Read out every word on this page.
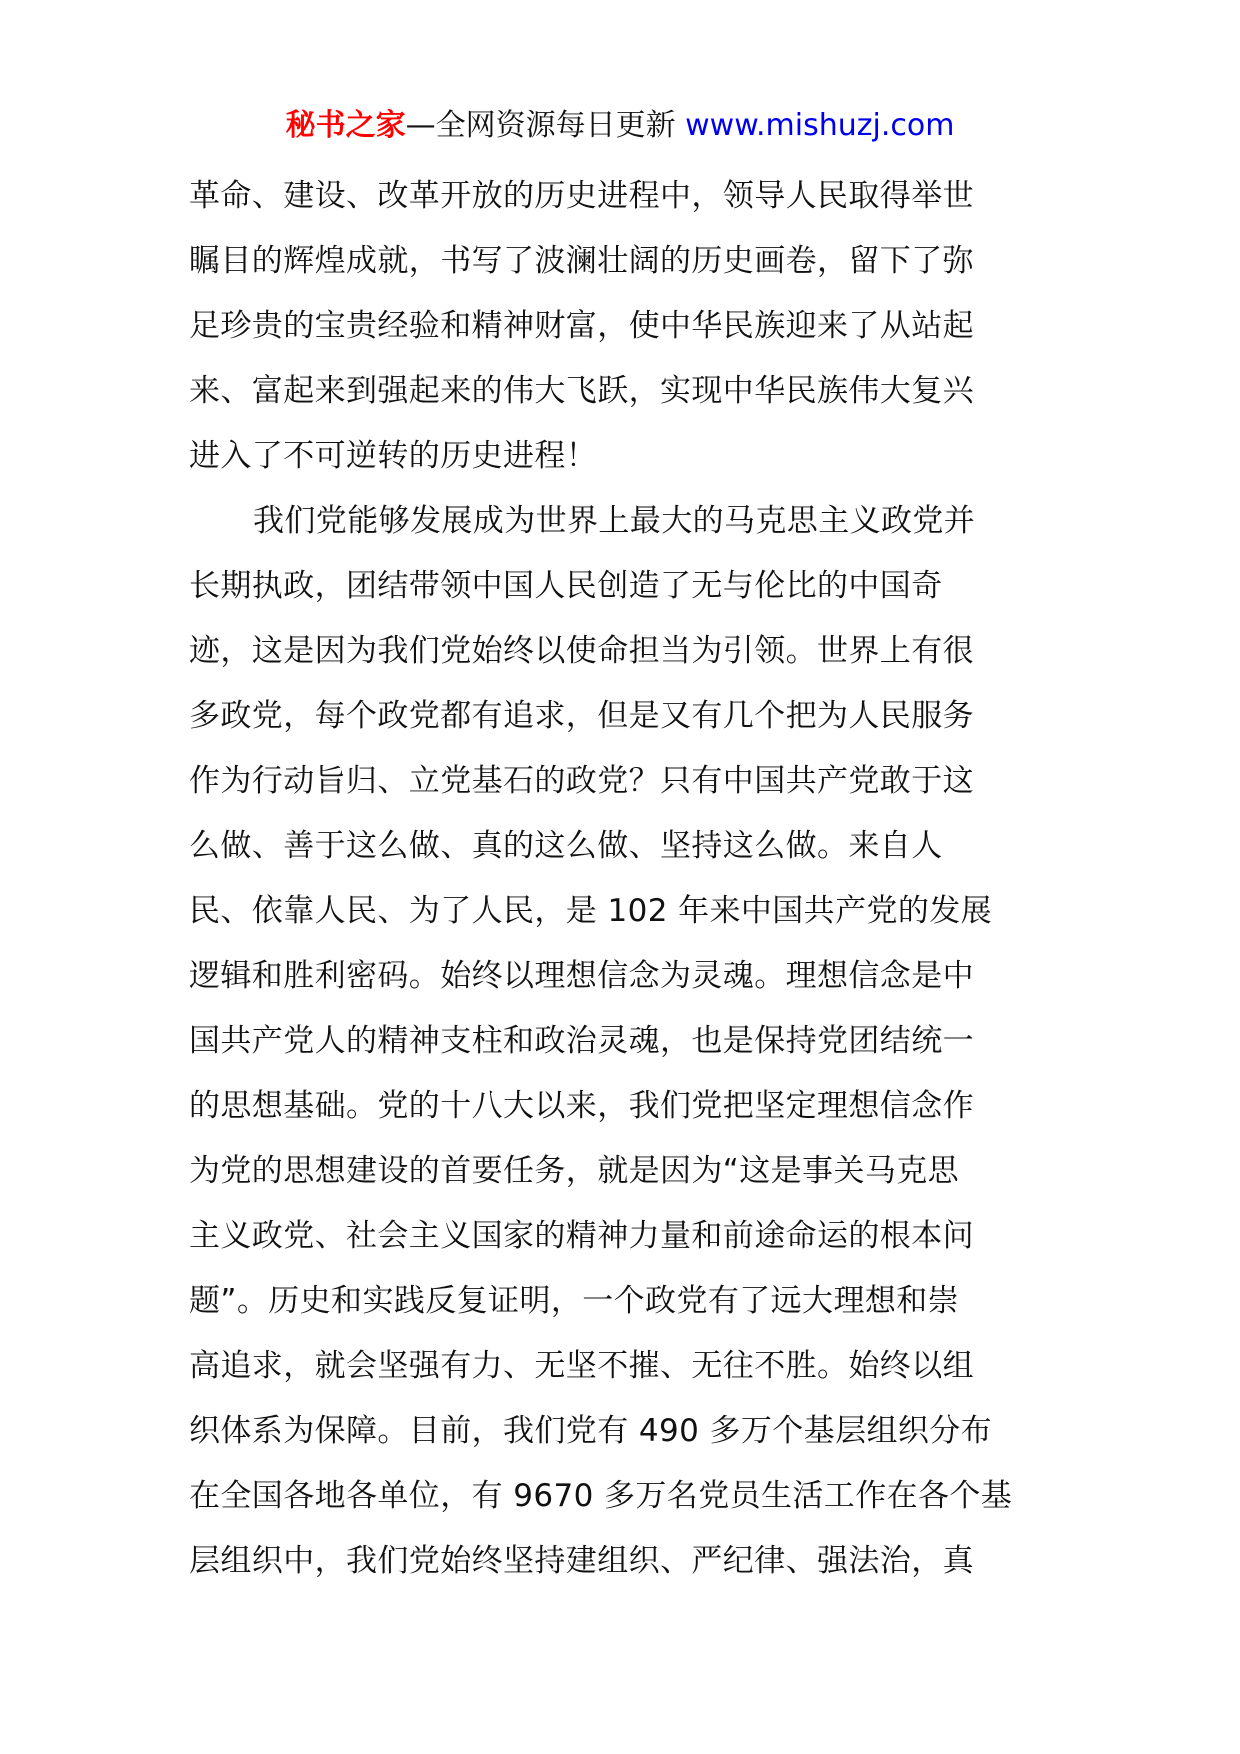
秘书之家—全网资源每日更新 www.mishuzj.com
革命、建设、改革开放的历史进程中，领导人民取得举世
瞩目的辉煌成就，书写了波澜壮阔的历史画卷，留下了弥
足珍贵的宝贵经验和精神财富，使中华民族迎来了从站起
来、富起来到强起来的伟大飞跃，实现中华民族伟大复兴
进入了不可逆转的历史进程！
我们党能够发展成为世界上最大的马克思主义政党并
长期执政，团结带领中国人民创造了无与伦比的中国奇
迹，这是因为我们党始终以使命担当为引领。世界上有很
多政党，每个政党都有追求，但是又有几个把为人民服务
作为行动旨归、立党基石的政党？只有中国共产党敢于这
么做、善于这么做、真的这么做、坚持这么做。来自人
民、依靠人民、为了人民，是 102 年来中国共产党的发展
逻辑和胜利密码。始终以理想信念为灵魂。理想信念是中
国共产党人的精神支柱和政治灵魂，也是保持党团结统一
的思想基础。党的十八大以来，我们党把坚定理想信念作
为党的思想建设的首要任务，就是因为“这是事关马克思
主义政党、社会主义国家的精神力量和前途命运的根本问
题”。历史和实践反复证明，一个政党有了远大理想和崇
高追求，就会坚强有力、无坚不摧、无往不胜。始终以组
织体系为保障。目前，我们党有 490 多万个基层组织分布
在全国各地各单位，有 9670 多万名党员生活工作在各个基
层组织中，我们党始终坚持建组织、严纪律、强法治，真
